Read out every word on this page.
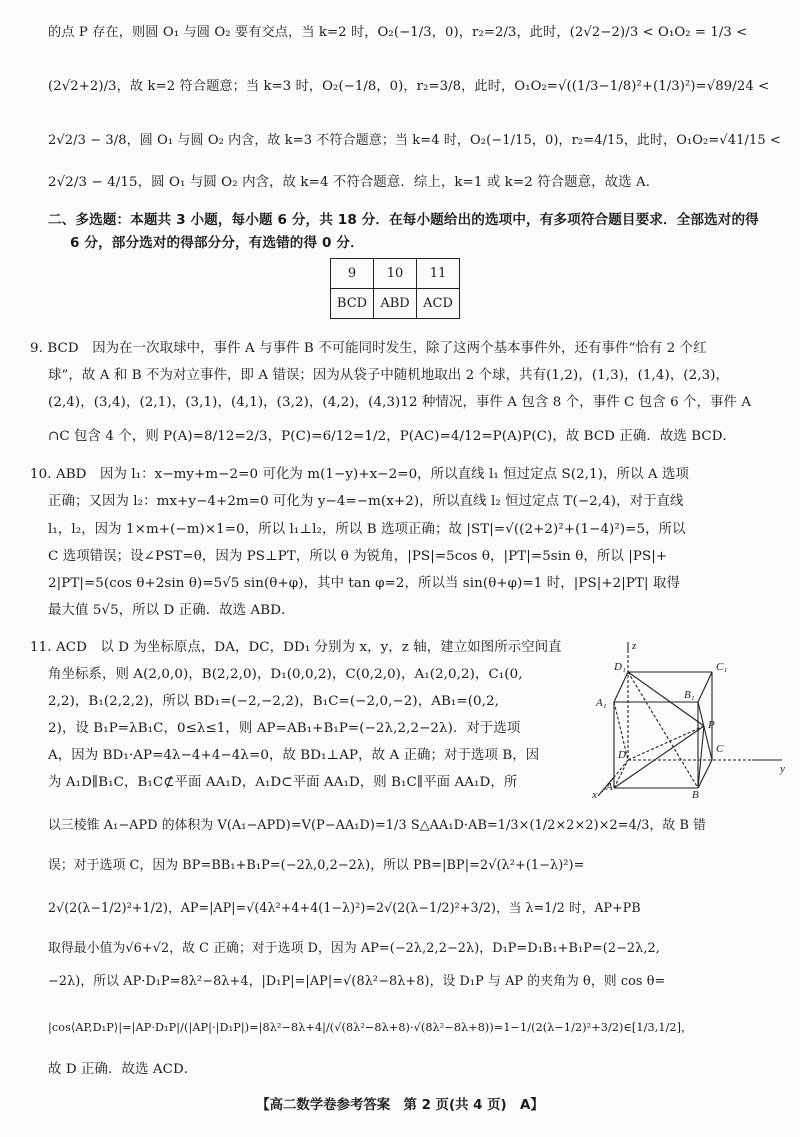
的点 P 存在，则圆 O₁ 与圆 O₂ 要有交点，当 k=2 时，O₂(−1/3，0)，r₂=2/3，此时，(2√2−2)/3 < O₁O₂ = 1/3 <
(2√2+2)/3，故 k=2 符合题意；当 k=3 时，O₂(−1/8，0)，r₂=3/8，此时，O₁O₂=√((1/3−1/8)²+(1/3)²)=√89/24 <
2√2/3 − 3/8，圆 O₁ 与圆 O₂ 内含，故 k=3 不符合题意；当 k=4 时，O₂(−1/15，0)，r₂=4/15，此时，O₁O₂=√41/15 <
2√2/3 − 4/15，圆 O₁ 与圆 O₂ 内含，故 k=4 不符合题意．综上，k=1 或 k=2 符合题意，故选 A．
二、多选题：本题共 3 小题，每小题 6 分，共 18 分．在每小题给出的选项中，有多项符合题目要求．全部选对的得
6 分，部分选对的得部分分，有选错的得 0 分．
9	10	11
BCD	ABD	ACD
9. BCD　因为在一次取球中，事件 A 与事件 B 不可能同时发生，除了这两个基本事件外，还有事件“恰有 2 个红
球”，故 A 和 B 不为对立事件，即 A 错误；因为从袋子中随机地取出 2 个球，共有(1,2)，(1,3)，(1,4)，(2,3)，
(2,4)，(3,4)，(2,1)，(3,1)，(4,1)，(3,2)，(4,2)，(4,3)12 种情况，事件 A 包含 8 个，事件 C 包含 6 个，事件 A
∩C 包含 4 个，则 P(A)=8/12=2/3，P(C)=6/12=1/2，P(AC)=4/12=P(A)P(C)，故 BCD 正确．故选 BCD．
10. ABD　因为 l₁：x−my+m−2=0 可化为 m(1−y)+x−2=0，所以直线 l₁ 恒过定点 S(2,1)，所以 A 选项
正确；又因为 l₂：mx+y−4+2m=0 可化为 y−4=−m(x+2)，所以直线 l₂ 恒过定点 T(−2,4)，对于直线
l₁，l₂，因为 1×m+(−m)×1=0，所以 l₁⊥l₂，所以 B 选项正确；故 |ST|=√((2+2)²+(1−4)²)=5，所以
C 选项错误；设∠PST=θ，因为 PS⊥PT，所以 θ 为锐角，|PS|=5cos θ，|PT|=5sin θ，所以 |PS|+
2|PT|=5(cos θ+2sin θ)=5√5 sin(θ+φ)，其中 tan φ=2，所以当 sin(θ+φ)=1 时，|PS|+2|PT| 取得
最大值 5√5，所以 D 正确．故选 ABD．
11. ACD　以 D 为坐标原点，DA，DC，DD₁ 分别为 x，y，z 轴，建立如图所示空间直
角坐标系，则 A(2,0,0)，B(2,2,0)，D₁(0,0,2)，C(0,2,0)，A₁(2,0,2)，C₁(0,
2,2)，B₁(2,2,2)，所以 BD₁=(−2,−2,2)，B₁C=(−2,0,−2)，AB₁=(0,2,
2)，设 B₁P=λB₁C，0≤λ≤1，则 AP=AB₁+B₁P=(−2λ,2,2−2λ)．对于选项
A，因为 BD₁·AP=4λ−4+4−4λ=0，故 BD₁⊥AP，故 A 正确；对于选项 B，因
为 A₁D∥B₁C，B₁C⊄平面 AA₁D，A₁D⊂平面 AA₁D，则 B₁C∥平面 AA₁D，所
以三棱锥 A₁−APD 的体积为 V(A₁−APD)=V(P−AA₁D)=1/3 S△AA₁D·AB=1/3×(1/2×2×2)×2=4/3，故 B 错
误；对于选项 C，因为 BP=BB₁+B₁P=(−2λ,0,2−2λ)，所以 PB=|BP|=2√(λ²+(1−λ)²)=
2√(2(λ−1/2)²+1/2)，AP=|AP|=√(4λ²+4+4(1−λ)²)=2√(2(λ−1/2)²+3/2)，当 λ=1/2 时，AP+PB
取得最小值为√6+√2，故 C 正确；对于选项 D，因为 AP=(−2λ,2,2−2λ)，D₁P=D₁B₁+B₁P=(2−2λ,2,
−2λ)，所以 AP·D₁P=8λ²−8λ+4，|D₁P|=|AP|=√(8λ²−8λ+8)，设 D₁P 与 AP 的夹角为 θ，则 cos θ=
|cos⟨AP,D₁P⟩|=|AP·D₁P|/(|AP|·|D₁P|)=|8λ²−8λ+4|/(√(8λ²−8λ+8)·√(8λ²−8λ+8))=1−1/(2(λ−1/2)²+3/2)∈[1/3,1/2]，
故 D 正确．故选 ACD．
z
y
x
D₁	C₁
A₁
B₁
P
D	C
A
B
【高二数学卷参考答案　第 2 页(共 4 页)　A】
